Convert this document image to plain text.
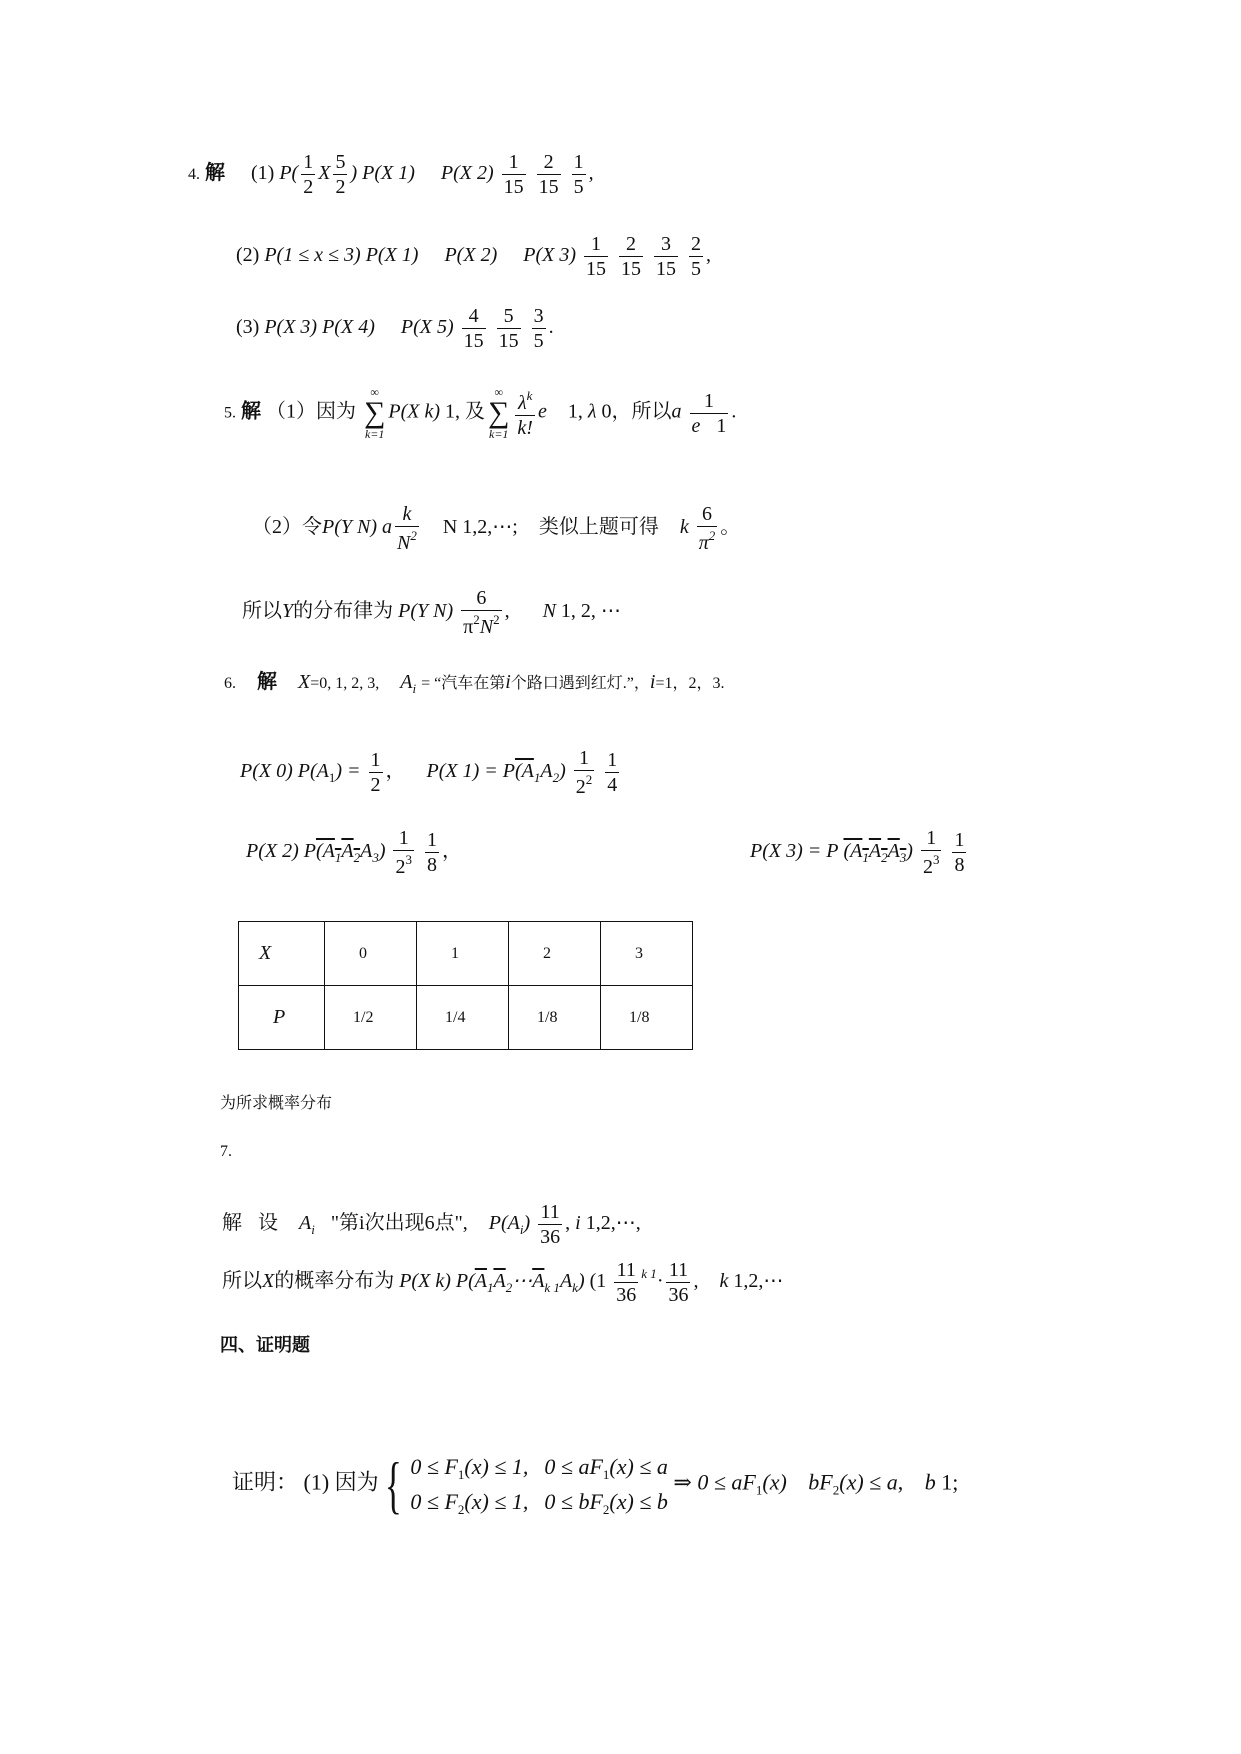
4. 解 (1) $P( \frac{1}{2}$ X $\frac{5}{2}$ ) P(X 1) P(X $2) \frac{1}{15}$
$\frac{2}{15}$
$\frac{1}{5}$ ,
(2) P(1 ≤ x ≤ 3) P(X 1) P(X 2) P(X $3) \frac{1}{15}$
$\frac{2}{15}$
$\frac{3}{15}$
$\frac{2}{5}$ ,
(3) P(X 3) P(X 4) P(X $5) \frac{4}{15}$
$\frac{5}{15}$
$\frac{3}{5}$ .
5. 解 （1）因为
∞
∑
k=1
P(X k) 1, 及
∞
∑
$k=1 \frac{\lambda^k}{k!}$ e 1, λ 0，所以a $\frac{1}{e 1}$ .
（2）令P(Y N) a $\frac{k}{N^2}$ N 1,2,⋯; 类似上题可得 k $\frac{6}{\pi^2}$ 。
所以Y的分布律为 P(Y $N) \frac{6}{\pi^2N^2}$ , N 1, 2, ⋯
6. 解 X=0, 1, 2, 3, $A_i$ = “汽车在第i个路口遇到红灯.”，i=1，2，3.
P(X 0) $P(A_1) = \frac{1}{2}$ ， P(X $1) = P(A_1A_2) \frac{1}{2^2}$
$\frac{1}{4}$
P(X 2) $P(A_1A_2A_3) \frac{1}{2^3}$
$\frac{1}{8}$ ，	P(X 3) = P $(A_1A_2A_3) \frac{1}{2^3}$
$\frac{1}{8}$
X	0	1	2	3
P	1/2	1/4	1/8	1/8
为所求概率分布
7.
解 设 $A_i$ "第i次出现6点", $P(A_i) \frac{11}{36}$ , i 1,2,⋯,
所以X的概率分布为 P(X k) $P(\overline{A}_1\overline{A}_2\cdots\overline{A}_{k 1}A_k)$ ($1 \frac{11}{36} ^{k 1}\cdot \frac{11}{36}$ , k 1,2,⋯
四、证明题
证明： (1) 因为 { $0 \le F_1(x) \le 1$, $0 \le aF_1(x) \le a$
$0 \le F_2(x) \le 1$, $0 \le bF_2(x) \le b$
⇒ $0 \le aF_1(x) bF_2(x) \le a$, b 1;
